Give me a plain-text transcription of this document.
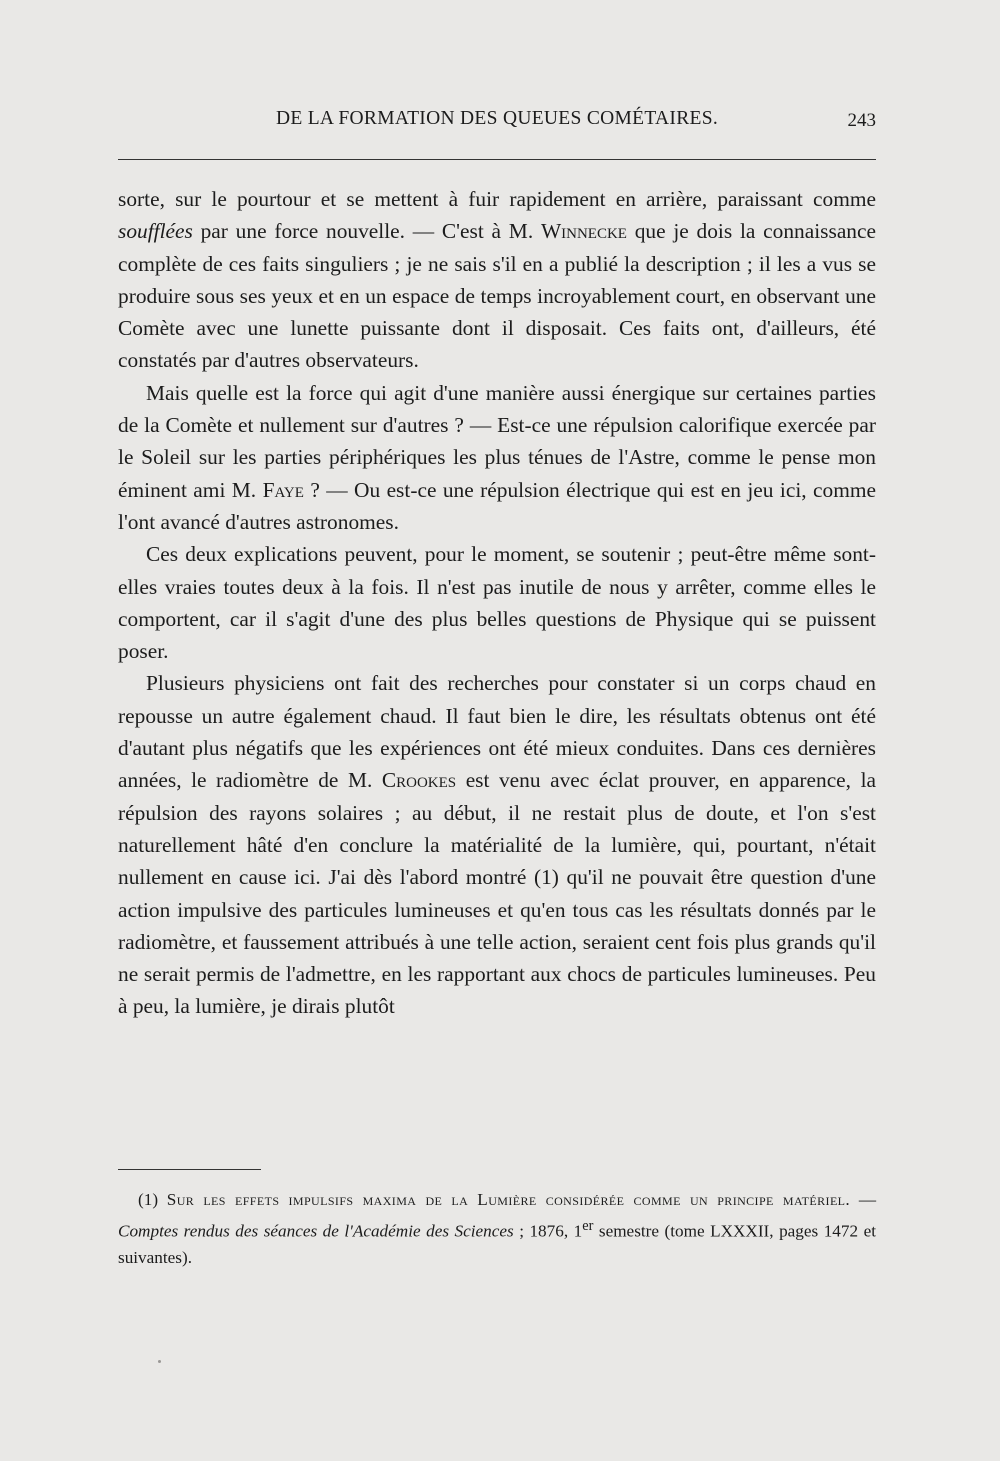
DE LA FORMATION DES QUEUES COMÉTAIRES.	243

sorte, sur le pourtour et se mettent à fuir rapidement en arrière, paraissant comme soufflées par une force nouvelle. — C'est à M. Winnecke que je dois la connaissance complète de ces faits singuliers ; je ne sais s'il en a publié la description ; il les a vus se produire sous ses yeux et en un espace de temps incroyablement court, en observant une Comète avec une lunette puissante dont il disposait. Ces faits ont, d'ailleurs, été constatés par d'autres observateurs.

Mais quelle est la force qui agit d'une manière aussi énergique sur certaines parties de la Comète et nullement sur d'autres ? — Est-ce une répulsion calorifique exercée par le Soleil sur les parties périphériques les plus ténues de l'Astre, comme le pense mon éminent ami M. Faye ? — Ou est-ce une répulsion électrique qui est en jeu ici, comme l'ont avancé d'autres astronomes.

Ces deux explications peuvent, pour le moment, se soutenir ; peut-être même sont-elles vraies toutes deux à la fois. Il n'est pas inutile de nous y arrêter, comme elles le comportent, car il s'agit d'une des plus belles questions de Physique qui se puissent poser.

Plusieurs physiciens ont fait des recherches pour constater si un corps chaud en repousse un autre également chaud. Il faut bien le dire, les résultats obtenus ont été d'autant plus négatifs que les expériences ont été mieux conduites. Dans ces dernières années, le radiomètre de M. Crookes est venu avec éclat prouver, en apparence, la répulsion des rayons solaires ; au début, il ne restait plus de doute, et l'on s'est naturellement hâté d'en conclure la matérialité de la lumière, qui, pourtant, n'était nullement en cause ici. J'ai dès l'abord montré (1) qu'il ne pouvait être question d'une action impulsive des particules lumineuses et qu'en tous cas les résultats donnés par le radiomètre, et faussement attribués à une telle action, seraient cent fois plus grands qu'il ne serait permis de l'admettre, en les rapportant aux chocs de particules lumineuses. Peu à peu, la lumière, je dirais plutôt

(1) Sur les effets impulsifs maxima de la Lumière considérée comme un principe matériel. — Comptes rendus des séances de l'Académie des Sciences ; 1876, 1er semestre (tome LXXXII, pages 1472 et suivantes).
